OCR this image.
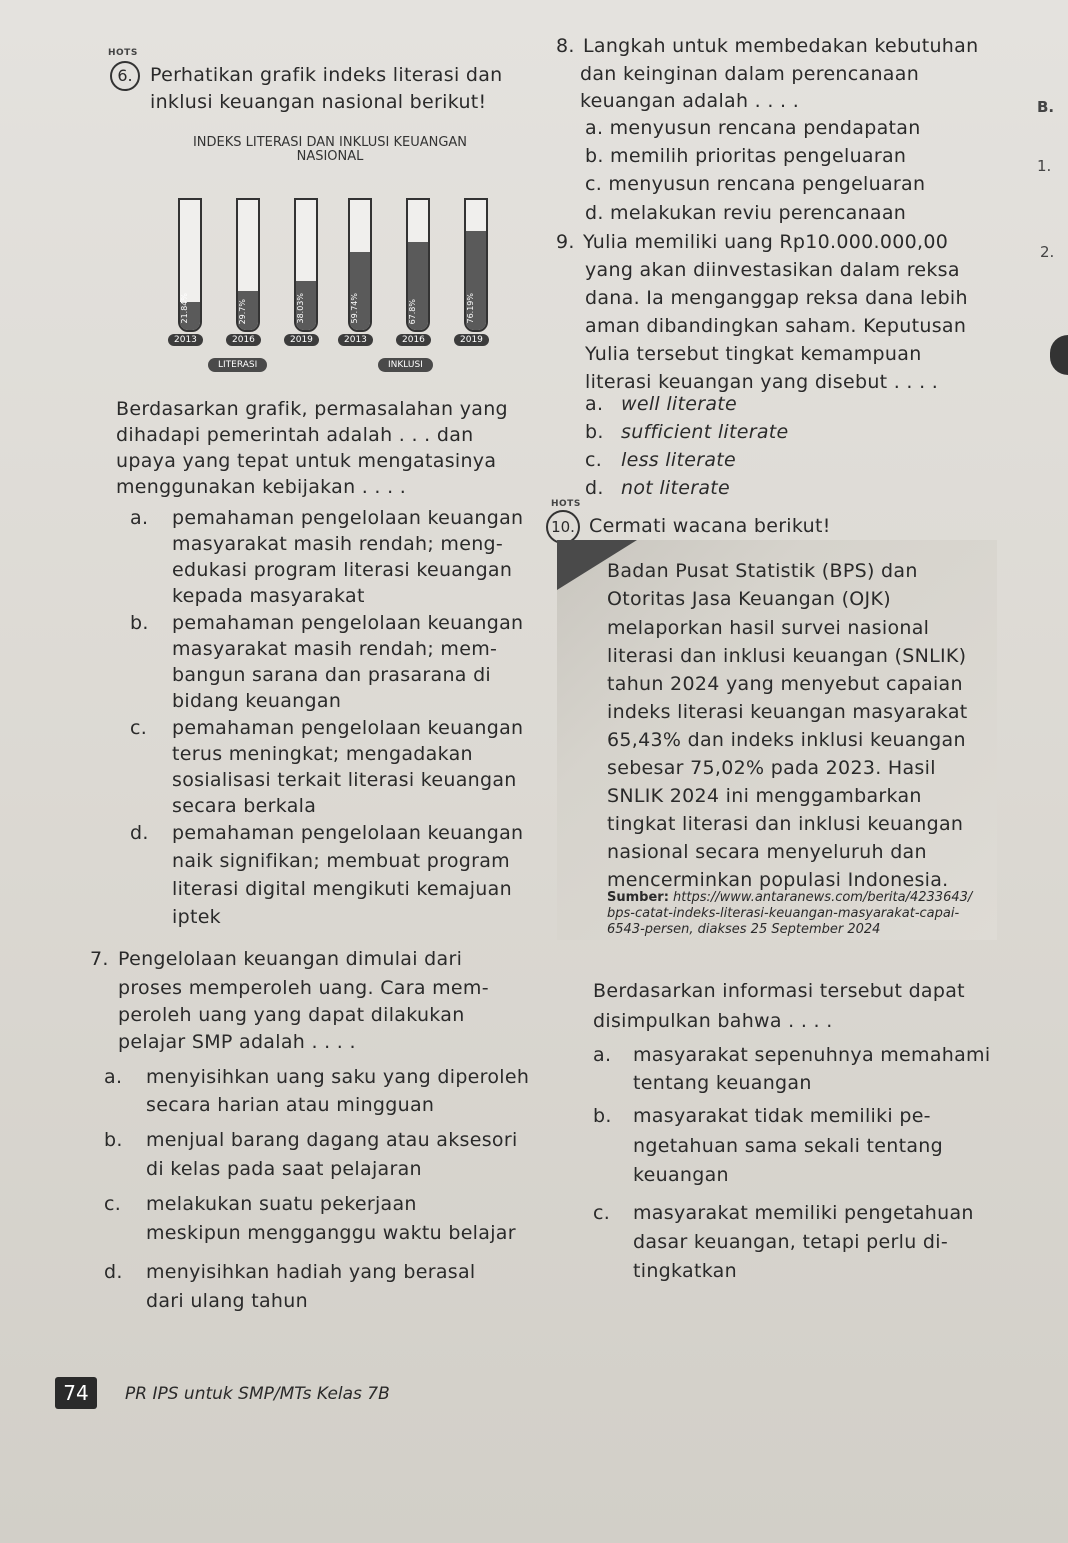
HOTS
6. Perhatikan grafik indeks literasi dan
inklusi keuangan nasional berikut!
INDEKS LITERASI DAN INKLUSI KEUANGAN NASIONAL
21.84%
2013
29.7%
2016
38.03%
2019
LITERASI
59.74%
2013
67.8%
2016
76.19%
2019
INKLUSI
Berdasarkan grafik, permasalahan yang
dihadapi pemerintah adalah . . . dan
upaya yang tepat untuk mengatasinya
menggunakan kebijakan . . . .
a. pemahaman pengelolaan keuangan
masyarakat masih rendah; meng-
edukasi program literasi keuangan
kepada masyarakat
b. pemahaman pengelolaan keuangan
masyarakat masih rendah; mem-
bangun sarana dan prasarana di
bidang keuangan
c. pemahaman pengelolaan keuangan
terus meningkat; mengadakan
sosialisasi terkait literasi keuangan
secara berkala
d. pemahaman pengelolaan keuangan
naik signifikan; membuat program
literasi digital mengikuti kemajuan
iptek
7. Pengelolaan keuangan dimulai dari
proses memperoleh uang. Cara mem-
peroleh uang yang dapat dilakukan
pelajar SMP adalah . . . .
a. menyisihkan uang saku yang diperoleh
secara harian atau mingguan
b. menjual barang dagang atau aksesori
di kelas pada saat pelajaran
c. melakukan suatu pekerjaan
meskipun mengganggu waktu belajar
d. menyisihkan hadiah yang berasal
dari ulang tahun
8. Langkah untuk membedakan kebutuhan
dan keinginan dalam perencanaan
keuangan adalah . . . .
a. menyusun rencana pendapatan
b. memilih prioritas pengeluaran
c. menyusun rencana pengeluaran
d. melakukan reviu perencanaan
9. Yulia memiliki uang Rp10.000.000,00
yang akan diinvestasikan dalam reksa
dana. Ia menganggap reksa dana lebih
aman dibandingkan saham. Keputusan
Yulia tersebut tingkat kemampuan
literasi keuangan yang disebut . . . .
a. well literate
b. sufficient literate
c. less literate
d. not literate
HOTS
10. Cermati wacana berikut!
Badan Pusat Statistik (BPS) dan
Otoritas Jasa Keuangan (OJK)
melaporkan hasil survei nasional
literasi dan inklusi keuangan (SNLIK)
tahun 2024 yang menyebut capaian
indeks literasi keuangan masyarakat
65,43% dan indeks inklusi keuangan
sebesar 75,02% pada 2023. Hasil
SNLIK 2024 ini menggambarkan
tingkat literasi dan inklusi keuangan
nasional secara menyeluruh dan
mencerminkan populasi Indonesia.
Sumber: https://www.antaranews.com/berita/4233643/
bps-catat-indeks-literasi-keuangan-masyarakat-capai-
6543-persen, diakses 25 September 2024
Berdasarkan informasi tersebut dapat
disimpulkan bahwa . . . .
a. masyarakat sepenuhnya memahami
tentang keuangan
b. masyarakat tidak memiliki pe-
ngetahuan sama sekali tentang
keuangan
c. masyarakat memiliki pengetahuan
dasar keuangan, tetapi perlu di-
tingkatkan
B.
1.
2.
74	PR IPS untuk SMP/MTs Kelas 7B
